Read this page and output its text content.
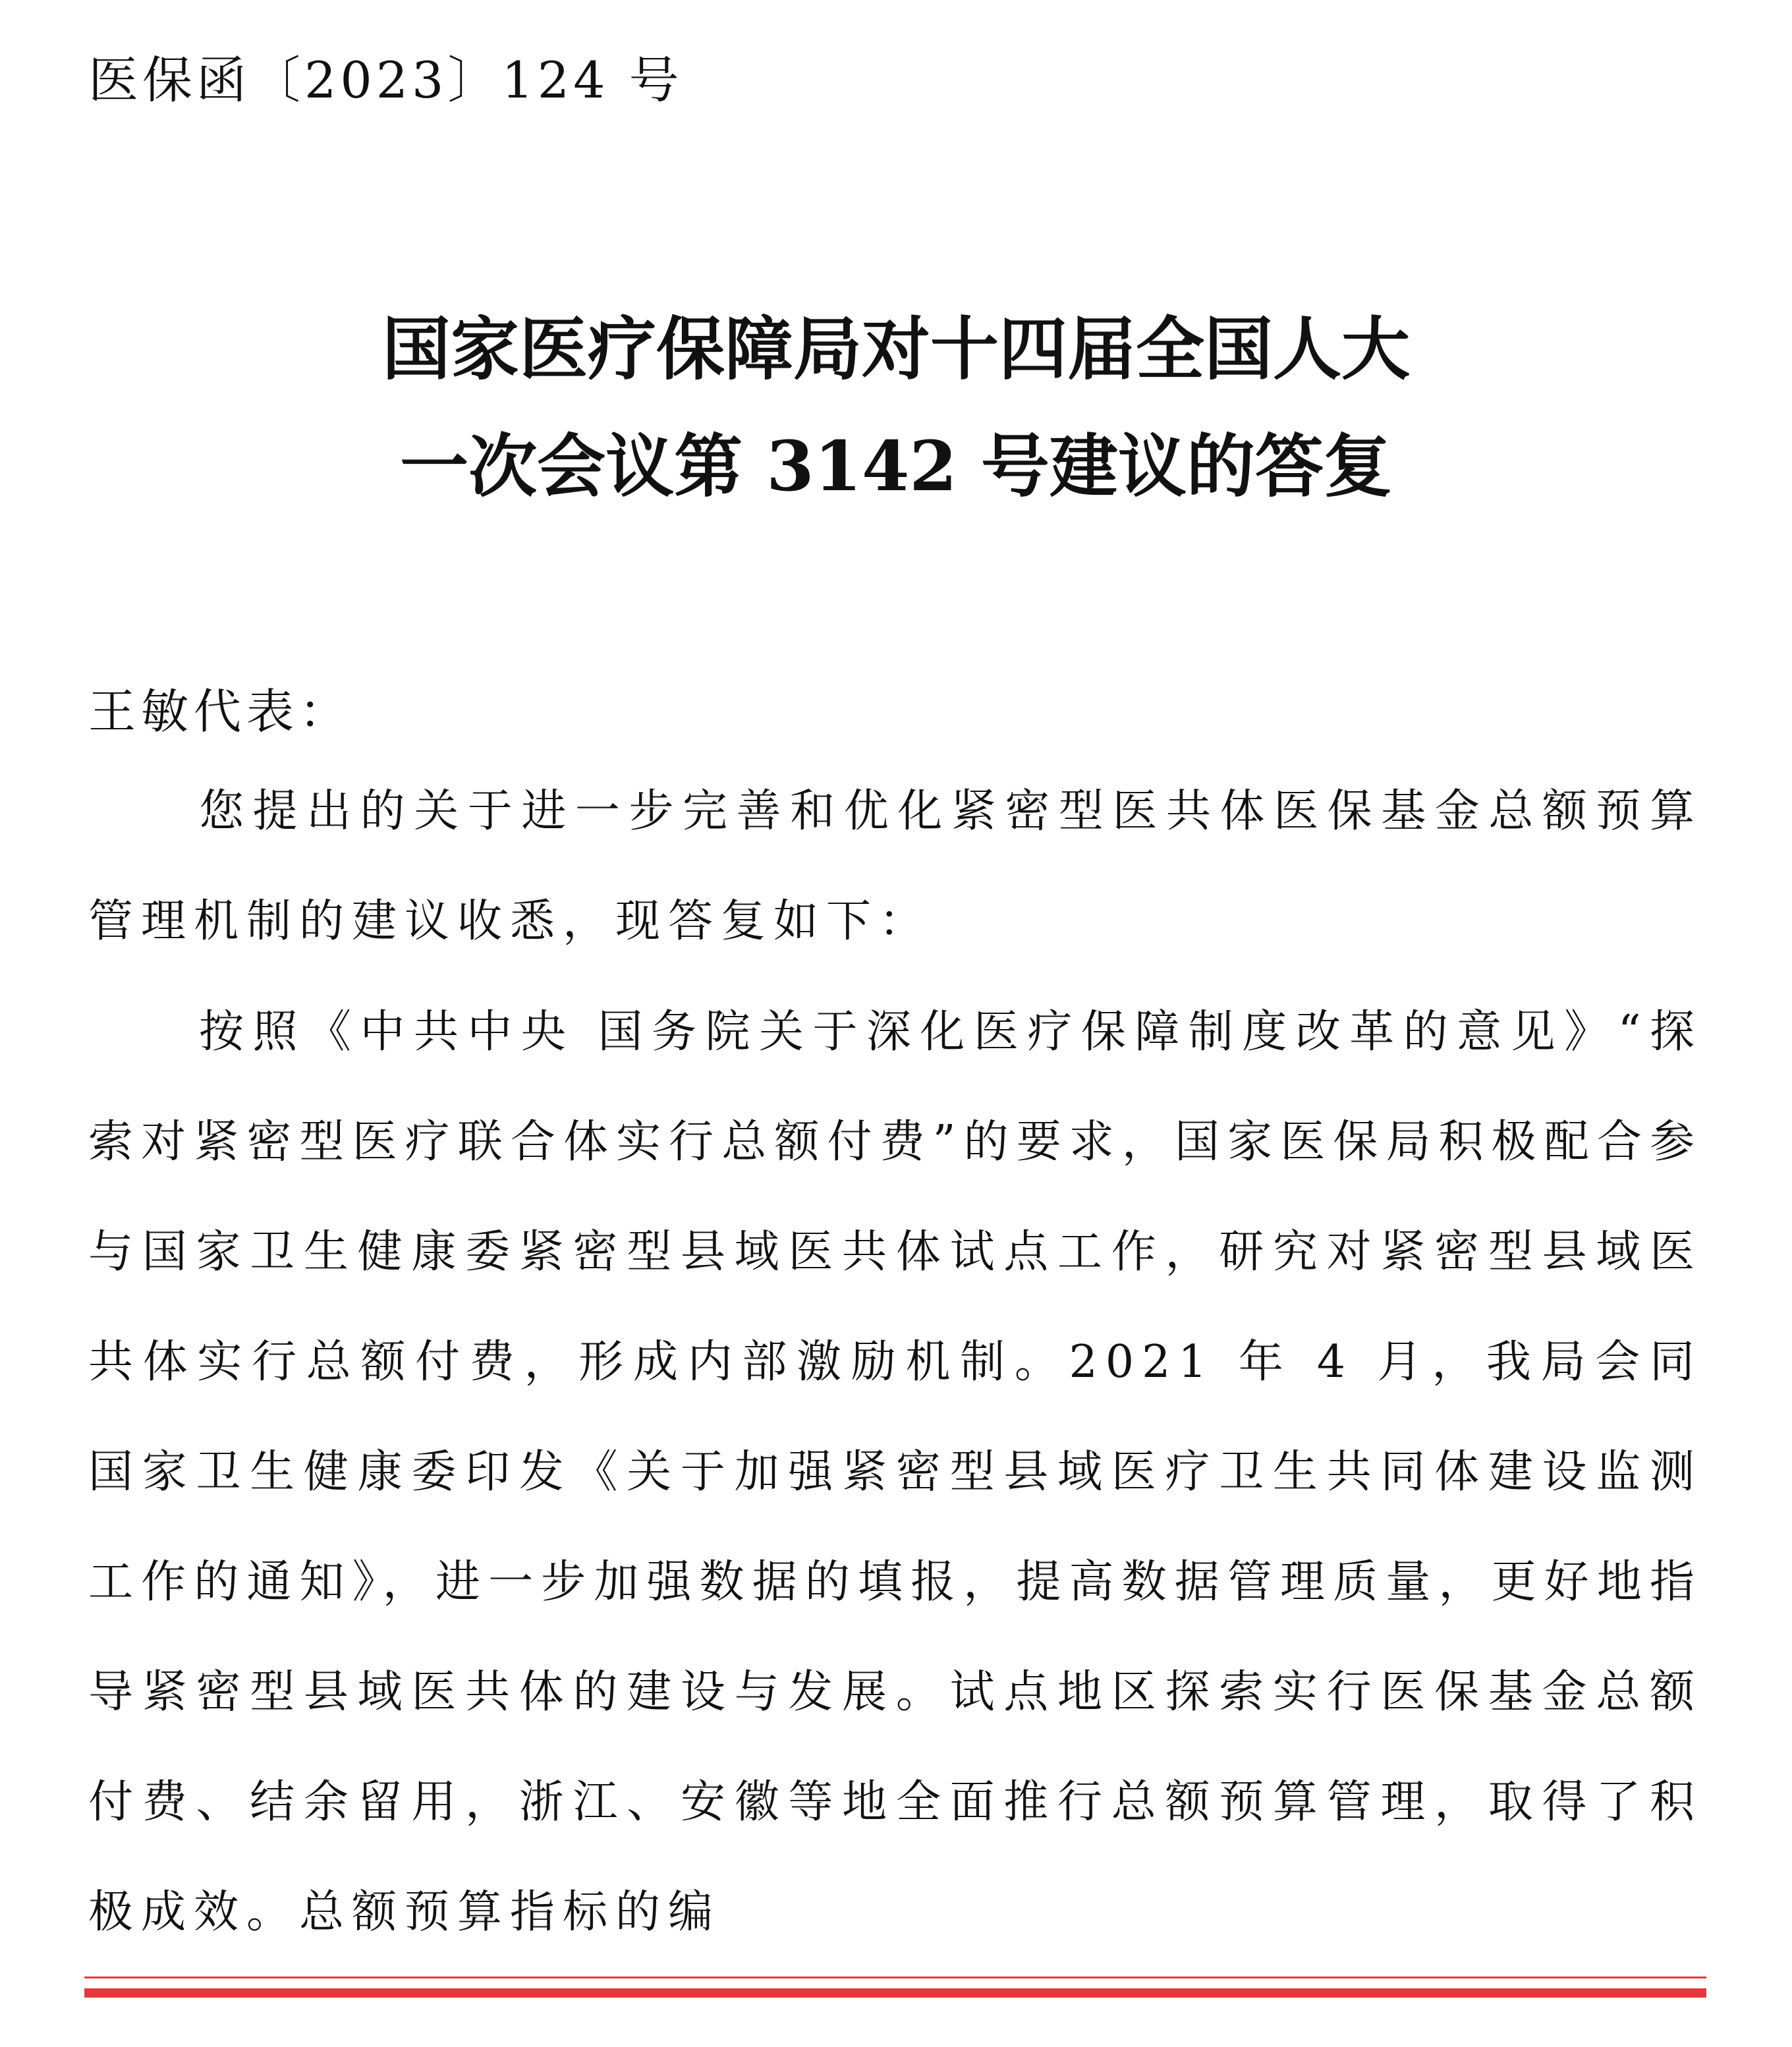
医保函〔2023〕124 号
国家医疗保障局对十四届全国人大
一次会议第 3142 号建议的答复
王敏代表：

您提出的关于进一步完善和优化紧密型医共体医保基金总额预算管理机制的建议收悉，现答复如下：

按照《中共中央 国务院关于深化医疗保障制度改革的意见》“探索对紧密型医疗联合体实行总额付费”的要求，国家医保局积极配合参与国家卫生健康委紧密型县域医共体试点工作，研究对紧密型县域医共体实行总额付费，形成内部激励机制。2021 年 4 月，我局会同国家卫生健康委印发《关于加强紧密型县域医疗卫生共同体建设监测工作的通知》，进一步加强数据的填报，提高数据管理质量，更好地指导紧密型县域医共体的建设与发展。试点地区探索实行医保基金总额付费、结余留用，浙江、安徽等地全面推行总额预算管理，取得了积极成效。总额预算指标的编
